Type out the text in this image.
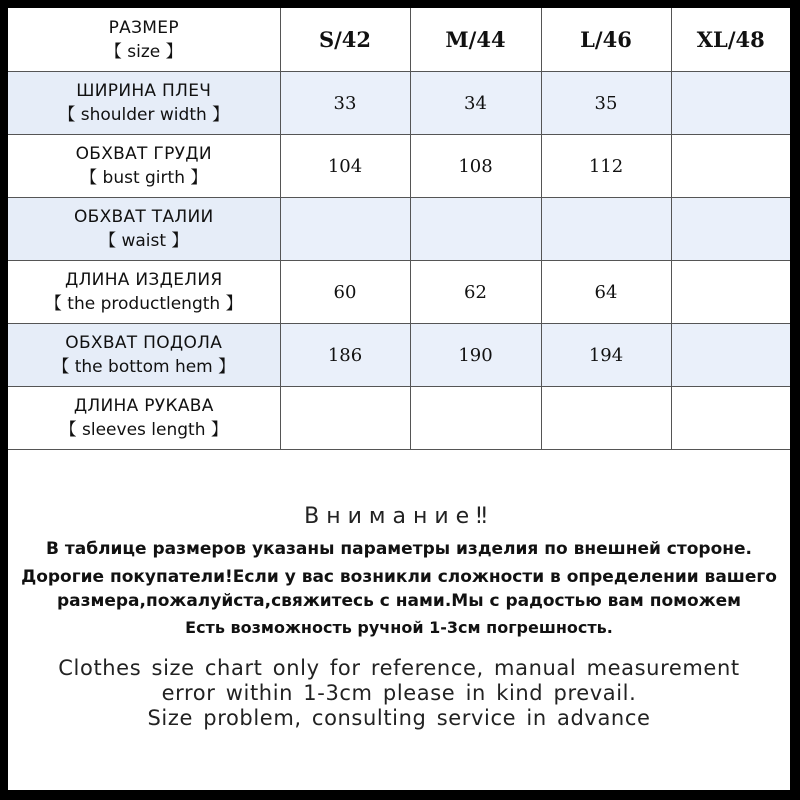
РАЗМЕР
【 size 】	S/42	M/44	L/46	XL/48

ШИРИНА ПЛЕЧ
【 shoulder width 】	33	34	35	

ОБХВАТ ГРУДИ
【 bust girth 】	104	108	112	

ОБХВАТ ТАЛИИ
【 waist 】				

ДЛИНА ИЗДЕЛИЯ
【 the productlength 】	60	62	64	

ОБХВАТ ПОДОЛА
【 the bottom hem 】	186	190	194	

ДЛИНА РУКАВА
【 sleeves length 】				

Внимание‼
В таблице размеров указаны параметры изделия по внешней стороне.
Дорогие покупатели!Если у вас возникли сложности в определении вашего
размера,пожалуйста,свяжитесь с нами.Мы с радостью вам поможем
Есть возможность ручной 1-3см погрешность.
Clothes size chart only for reference, manual measurement
error within 1-3cm please in kind prevail.
Size problem, consulting service in advance
